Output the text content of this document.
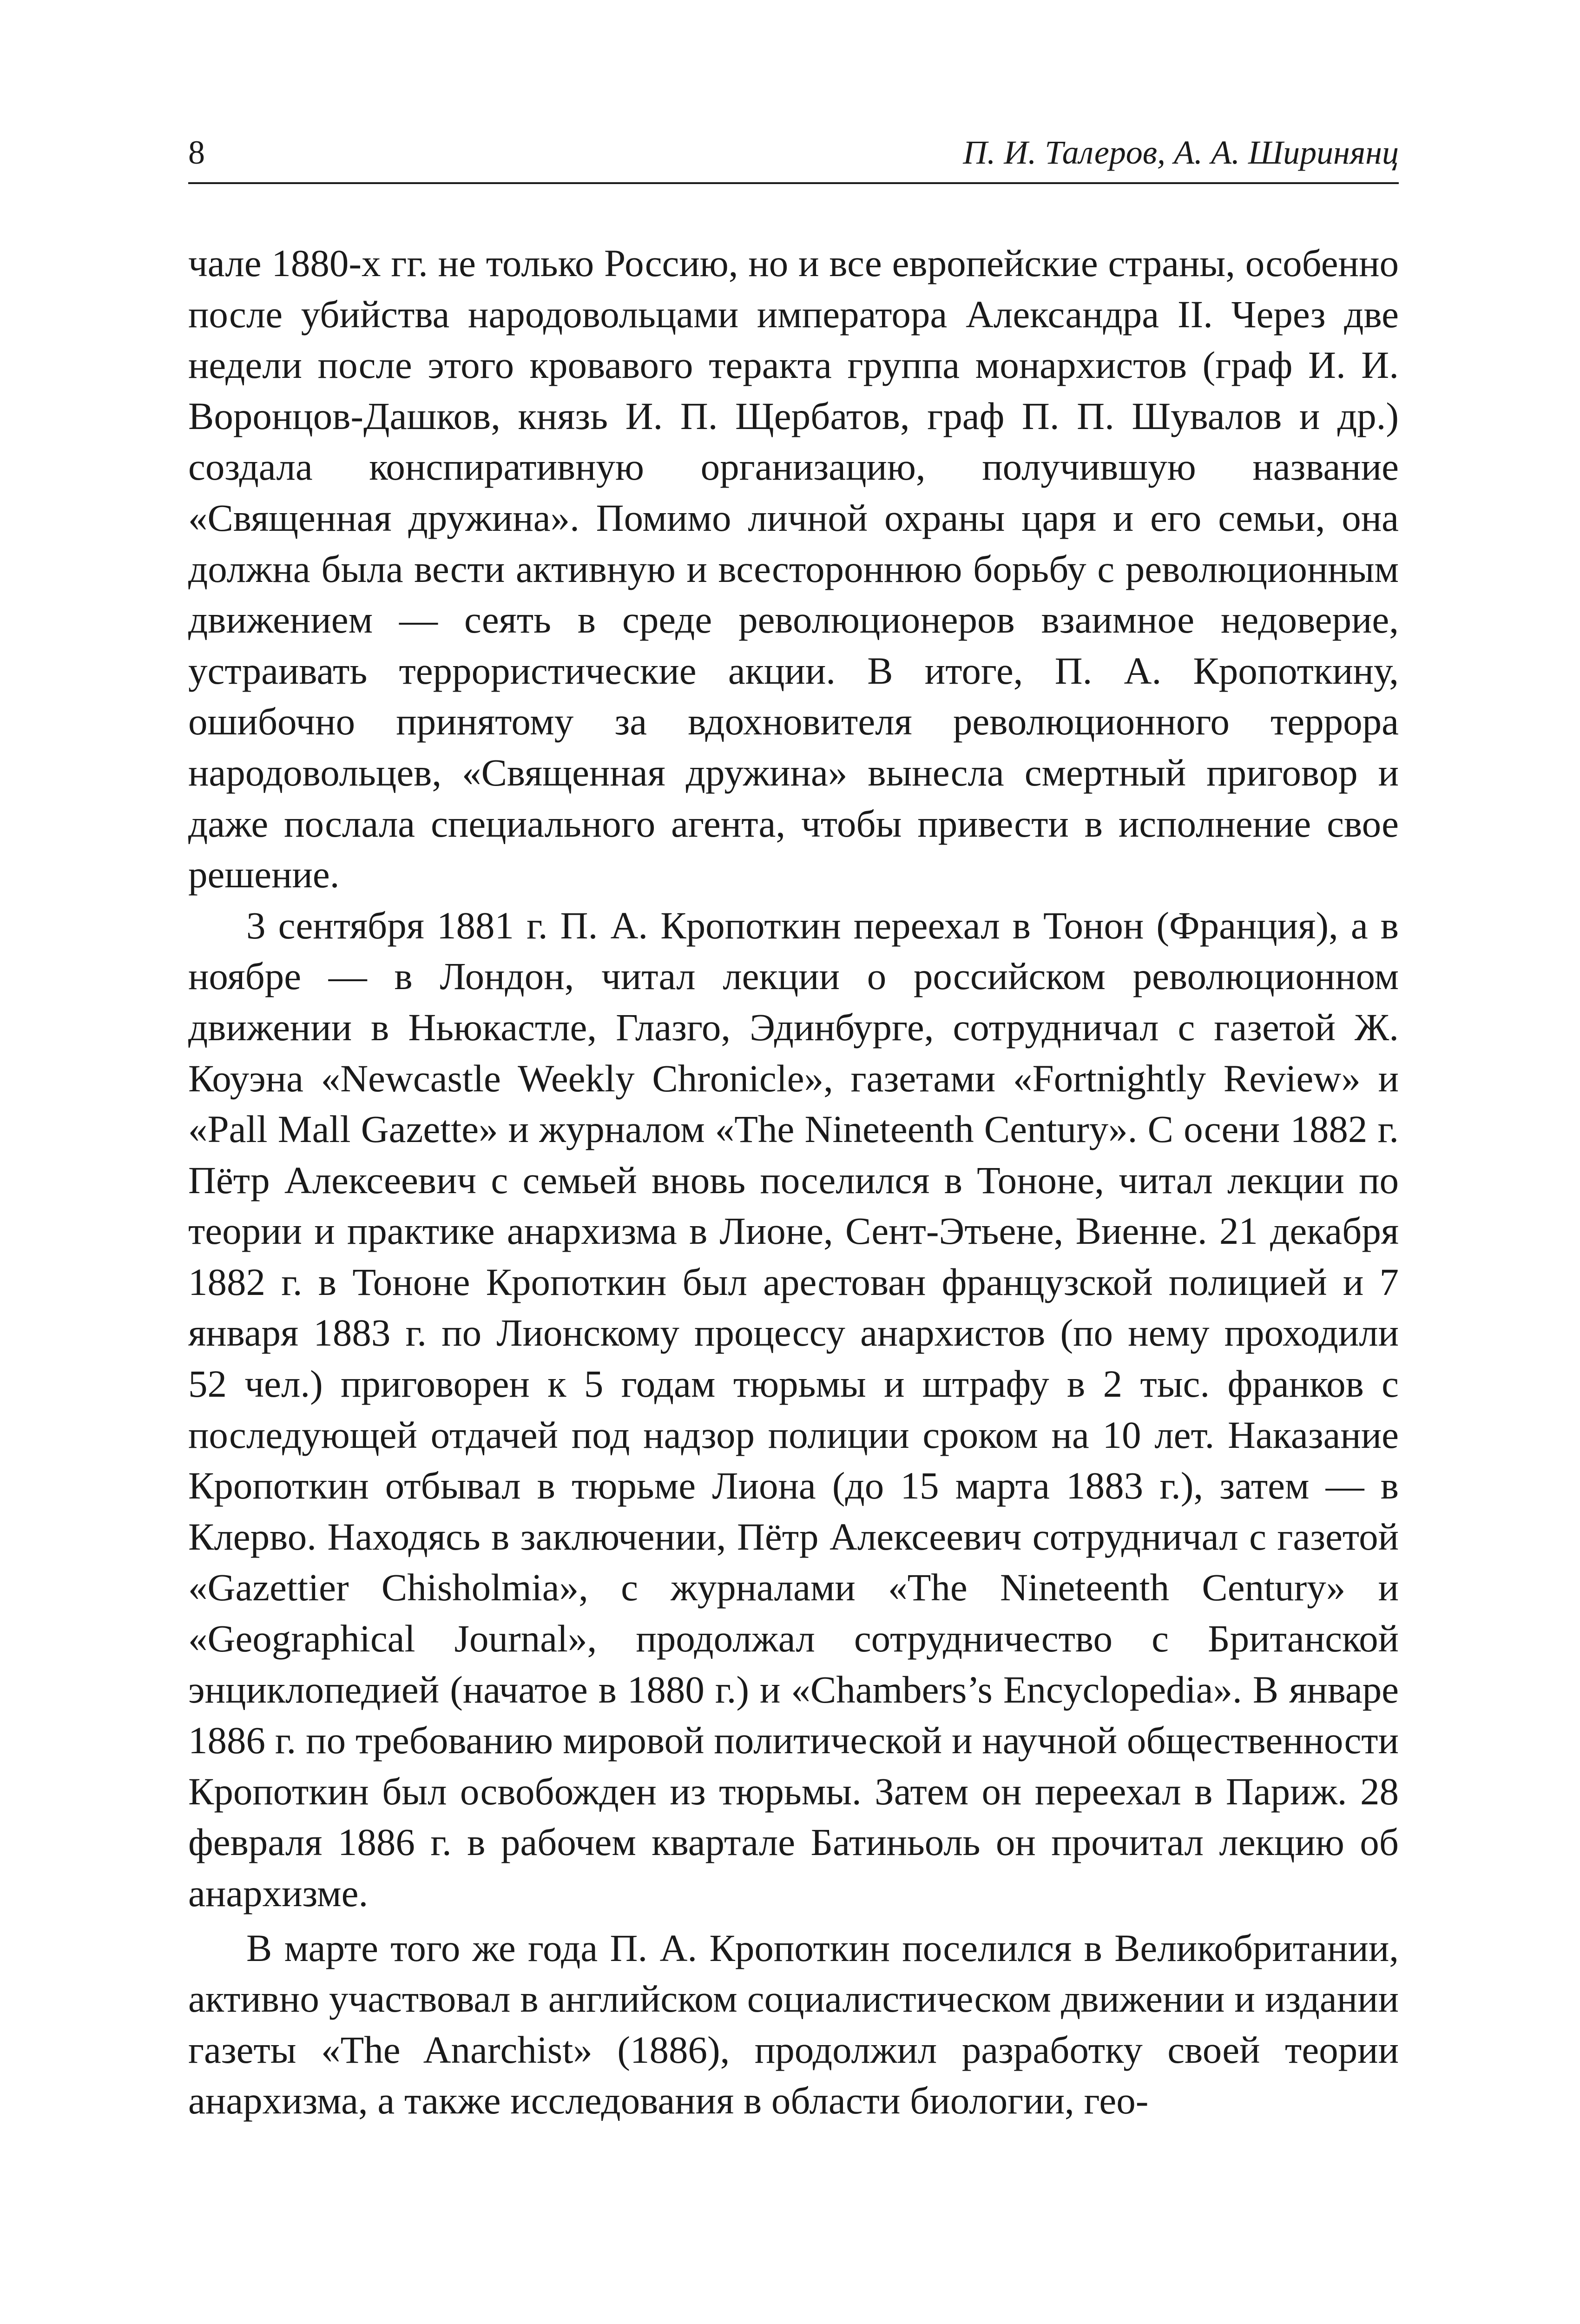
8	П. И. Талеров, А. А. Ширинянц

чале 1880-х гг. не только Россию, но и все европейские страны, особенно после убийства народовольцами императора Александра II. Через две недели после этого кровавого теракта группа монархистов (граф И. И. Воронцов-Дашков, князь И. П. Щербатов, граф П. П. Шувалов и др.) создала конспиративную организацию, получившую название «Священная дружина». Помимо личной охраны царя и его семьи, она должна была вести активную и всестороннюю борьбу с революционным движением — сеять в среде революционеров взаимное недоверие, устраивать террористические акции. В итоге, П. А. Кропоткину, ошибочно принятому за вдохновителя революционного террора народовольцев, «Священная дружина» вынесла смертный приговор и даже послала специального агента, чтобы привести в исполнение свое решение.

3 сентября 1881 г. П. А. Кропоткин переехал в Тонон (Франция), а в ноябре — в Лондон, читал лекции о российском революционном движении в Ньюкастле, Глазго, Эдинбурге, сотрудничал с газетой Ж. Коуэна «Newcastle Weekly Chronicle», газетами «Fortnightly Review» и «Pall Mall Gazette» и журналом «The Nineteenth Century». С осени 1882 г. Пётр Алексеевич с семьей вновь поселился в Тононе, читал лекции по теории и практике анархизма в Лионе, Сент-Этьене, Виенне. 21 декабря 1882 г. в Тононе Кропоткин был арестован французской полицией и 7 января 1883 г. по Лионскому процессу анархистов (по нему проходили 52 чел.) приговорен к 5 годам тюрьмы и штрафу в 2 тыс. франков с последующей отдачей под надзор полиции сроком на 10 лет. Наказание Кропоткин отбывал в тюрьме Лиона (до 15 марта 1883 г.), затем — в Клерво. Находясь в заключении, Пётр Алексеевич сотрудничал с газетой «Gazettier Chisholmia», с журналами «The Nineteenth Century» и «Geographical Journal», продолжал сотрудничество с Британской энциклопедией (начатое в 1880 г.) и «Chambers’s Encyclopedia». В январе 1886 г. по требованию мировой политической и научной общественности Кропоткин был освобожден из тюрьмы. Затем он переехал в Париж. 28 февраля 1886 г. в рабочем квартале Батиньоль он прочитал лекцию об анархизме.

В марте того же года П. А. Кропоткин поселился в Великобритании, активно участвовал в английском социалистическом движении и издании газеты «The Anarchist» (1886), продолжил разработку своей теории анархизма, а также исследования в области биологии, гео-
